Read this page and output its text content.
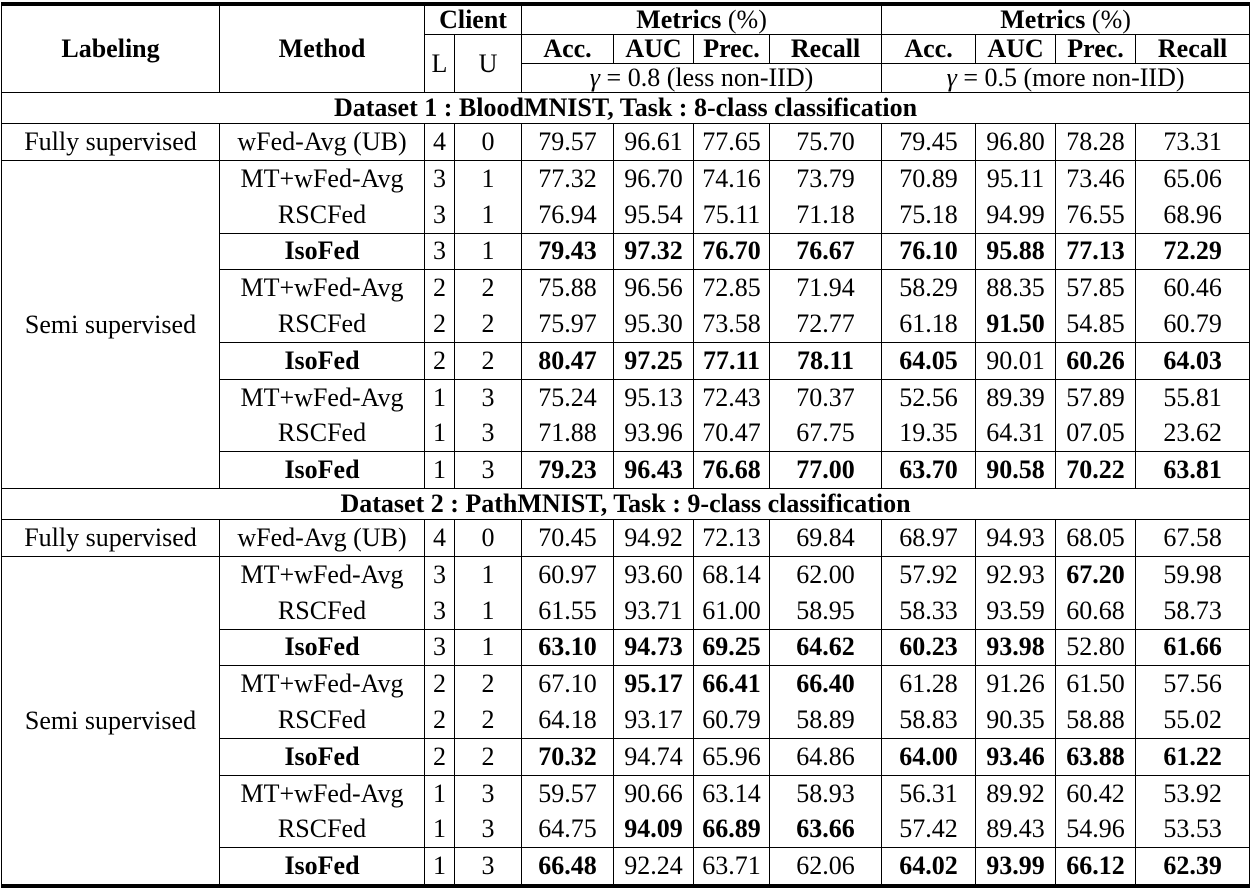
Labeling	Method	Client		Metrics (%)				Metrics (%)			
		L	U	Acc.	AUC	Prec.	Recall	Acc.	AUC	Prec.	Recall
				γ = 0.8 (less non-IID)				γ = 0.5 (more non-IID)			
Dataset 1 : BloodMNIST, Task : 8-class classification											
Fully supervised	wFed-Avg (UB)	4	0	79.57	96.61	77.65	75.70	79.45	96.80	78.28	73.31
Semi supervised	MT+wFed-Avg	3	1	77.32	96.70	74.16	73.79	70.89	95.11	73.46	65.06
	RSCFed	3	1	76.94	95.54	75.11	71.18	75.18	94.99	76.55	68.96
	IsoFed	3	1	79.43	97.32	76.70	76.67	76.10	95.88	77.13	72.29
	MT+wFed-Avg	2	2	75.88	96.56	72.85	71.94	58.29	88.35	57.85	60.46
	RSCFed	2	2	75.97	95.30	73.58	72.77	61.18	91.50	54.85	60.79
	IsoFed	2	2	80.47	97.25	77.11	78.11	64.05	90.01	60.26	64.03
	MT+wFed-Avg	1	3	75.24	95.13	72.43	70.37	52.56	89.39	57.89	55.81
	RSCFed	1	3	71.88	93.96	70.47	67.75	19.35	64.31	07.05	23.62
	IsoFed	1	3	79.23	96.43	76.68	77.00	63.70	90.58	70.22	63.81
Dataset 2 : PathMNIST, Task : 9-class classification											
Fully supervised	wFed-Avg (UB)	4	0	70.45	94.92	72.13	69.84	68.97	94.93	68.05	67.58
Semi supervised	MT+wFed-Avg	3	1	60.97	93.60	68.14	62.00	57.92	92.93	67.20	59.98
	RSCFed	3	1	61.55	93.71	61.00	58.95	58.33	93.59	60.68	58.73
	IsoFed	3	1	63.10	94.73	69.25	64.62	60.23	93.98	52.80	61.66
	MT+wFed-Avg	2	2	67.10	95.17	66.41	66.40	61.28	91.26	61.50	57.56
	RSCFed	2	2	64.18	93.17	60.79	58.89	58.83	90.35	58.88	55.02
	IsoFed	2	2	70.32	94.74	65.96	64.86	64.00	93.46	63.88	61.22
	MT+wFed-Avg	1	3	59.57	90.66	63.14	58.93	56.31	89.92	60.42	53.92
	RSCFed	1	3	64.75	94.09	66.89	63.66	57.42	89.43	54.96	53.53
	IsoFed	1	3	66.48	92.24	63.71	62.06	64.02	93.99	66.12	62.39
